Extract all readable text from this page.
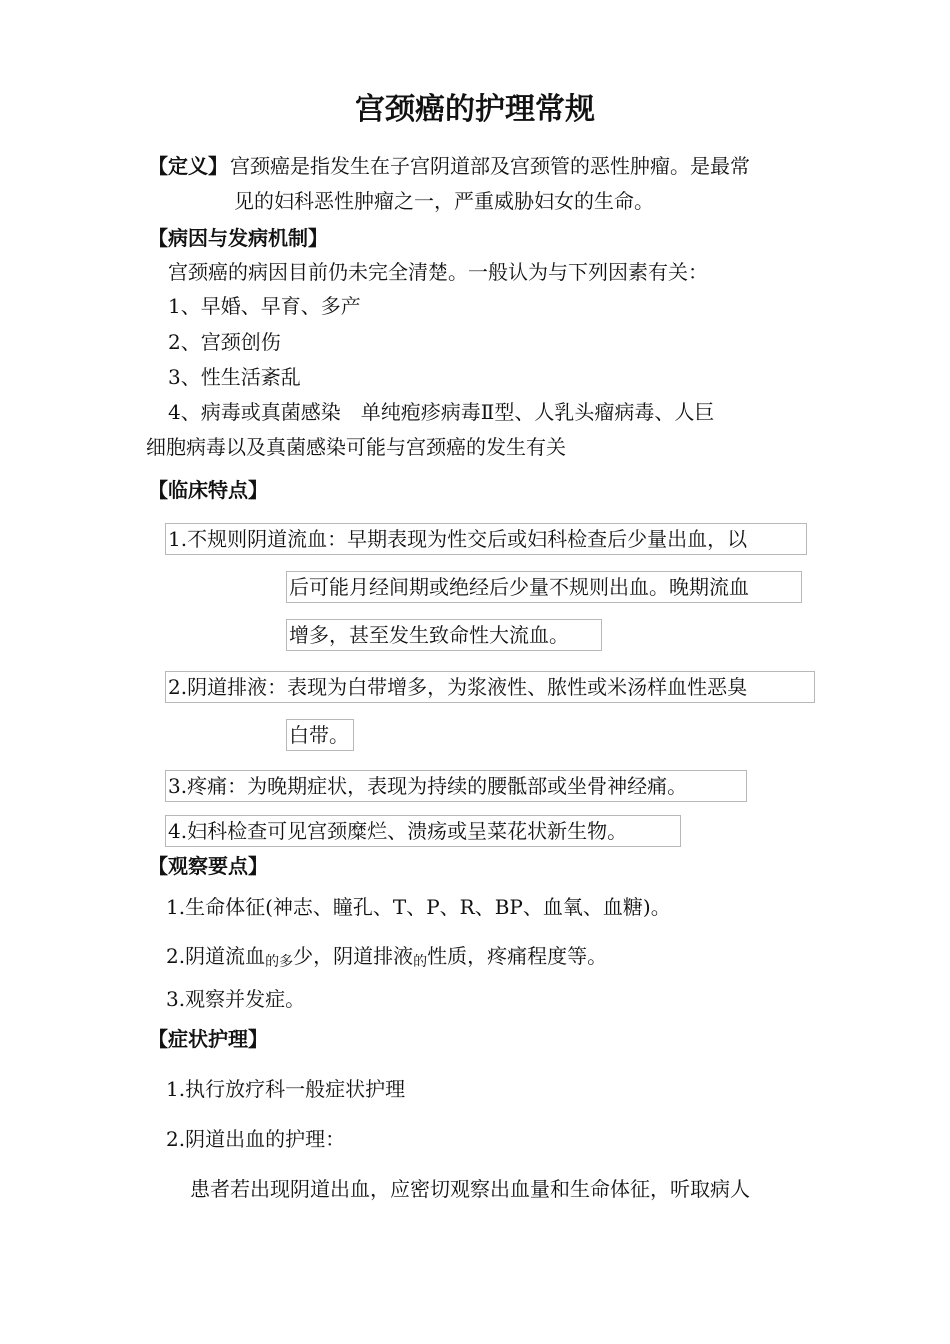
宫颈癌的护理常规
【定义】 宫颈癌是指发生在子宫阴道部及宫颈管的恶性肿瘤。是最常
见的妇科恶性肿瘤之一，严重威胁妇女的生命。
【病因与发病机制】
宫颈癌的病因目前仍未完全清楚。一般认为与下列因素有关：
1、早婚、早育、多产
2、宫颈创伤
3、性生活紊乱
4、病毒或真菌感染　单纯疱疹病毒Ⅱ型、人乳头瘤病毒、人巨
细胞病毒以及真菌感染可能与宫颈癌的发生有关
【临床特点】
1.不规则阴道流血：早期表现为性交后或妇科检查后少量出血，以
后可能月经间期或绝经后少量不规则出血。晚期流血
增多，甚至发生致命性大流血。
2.阴道排液：表现为白带增多，为浆液性、脓性或米汤样血性恶臭
白带。
3.疼痛：为晚期症状，表现为持续的腰骶部或坐骨神经痛。
4.妇科检查可见宫颈糜烂、溃疡或呈菜花状新生物。
【观察要点】
1.生命体征(神志、瞳孔、T、P、R、BP、血氧、血糖)。
2.阴道流血的多少，阴道排液的性质，疼痛程度等。
3.观察并发症。
【症状护理】
1.执行放疗科一般症状护理
2.阴道出血的护理：
患者若出现阴道出血，应密切观察出血量和生命体征，听取病人
